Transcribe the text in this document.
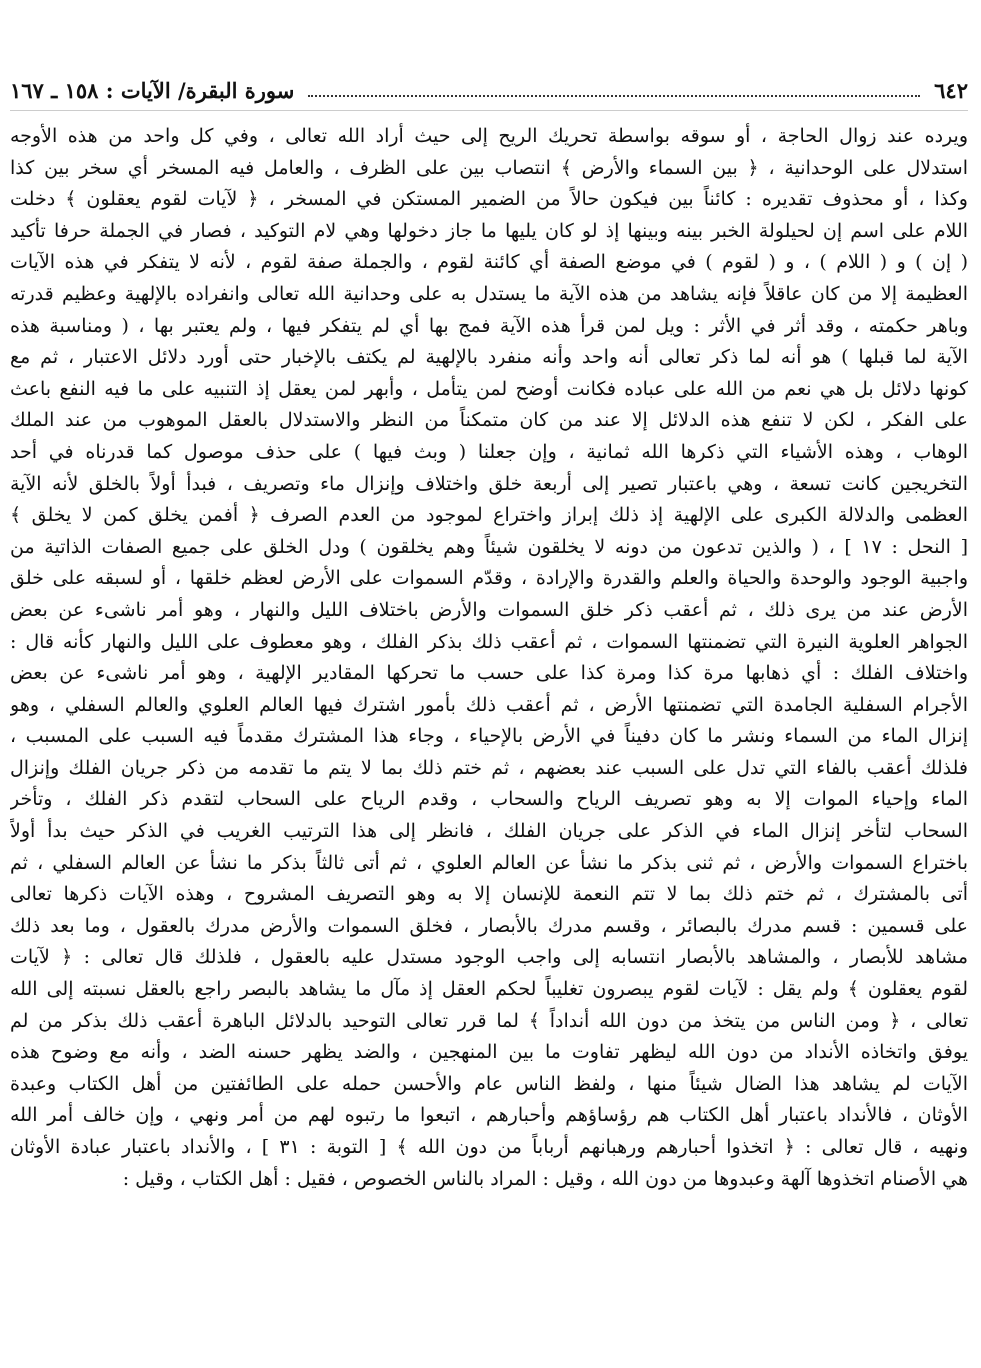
٦٤٢
سورة البقرة/ الآيات : ١٥٨ ـ ١٦٧
ويرده عند زوال الحاجة ، أو سوقه بواسطة تحريك الريح إلى حيث أراد الله تعالى ، وفي كل واحد من هذه الأوجه
استدلال على الوحدانية ، ﴿ بين السماء والأرض ﴾ انتصاب بين على الظرف ، والعامل فيه المسخر أي سخر بين كذا
وكذا ، أو محذوف تقديره : كائناً بين فيكون حالاً من الضمير المستكن في المسخر ، ﴿ لآيات لقوم يعقلون ﴾ دخلت
اللام على اسم إن لحيلولة الخبر بينه وبينها إذ لو كان يليها ما جاز دخولها وهي لام التوكيد ، فصار في الجملة حرفا تأكيد
( إن ) و ( اللام ) ، و ( لقوم ) في موضع الصفة أي كائنة لقوم ، والجملة صفة لقوم ، لأنه لا يتفكر في هذه الآيات
العظيمة إلا من كان عاقلاً فإنه يشاهد من هذه الآية ما يستدل به على وحدانية الله تعالى وانفراده بالإلهية وعظيم قدرته
وباهر حكمته ، وقد أثر في الأثر : ويل لمن قرأ هذه الآية فمج بها أي لم يتفكر فيها ، ولم يعتبر بها ، ( ومناسبة هذه
الآية لما قبلها ) هو أنه لما ذكر تعالى أنه واحد وأنه منفرد بالإلهية لم يكتف بالإخبار حتى أورد دلائل الاعتبار ، ثم مع
كونها دلائل بل هي نعم من الله على عباده فكانت أوضح لمن يتأمل ، وأبهر لمن يعقل إذ التنبيه على ما فيه النفع باعث
على الفكر ، لكن لا تنفع هذه الدلائل إلا عند من كان متمكناً من النظر والاستدلال بالعقل الموهوب من عند الملك
الوهاب ، وهذه الأشياء التي ذكرها الله ثمانية ، وإن جعلنا ( وبث فيها ) على حذف موصول كما قدرناه في أحد
التخريجين كانت تسعة ، وهي باعتبار تصير إلى أربعة خلق واختلاف وإنزال ماء وتصريف ، فبدأ أولاً بالخلق لأنه الآية
العظمى والدلالة الكبرى على الإلهية إذ ذلك إبراز واختراع لموجود من العدم الصرف ﴿ أفمن يخلق كمن لا يخلق ﴾
[ النحل : ١٧ ] ، ( والذين تدعون من دونه لا يخلقون شيئاً وهم يخلقون ) ودل الخلق على جميع الصفات الذاتية من
واجبية الوجود والوحدة والحياة والعلم والقدرة والإرادة ، وقدّم السموات على الأرض لعظم خلقها ، أو لسبقه على خلق
الأرض عند من يرى ذلك ، ثم أعقب ذكر خلق السموات والأرض باختلاف الليل والنهار ، وهو أمر ناشىء عن بعض
الجواهر العلوية النيرة التي تضمنتها السموات ، ثم أعقب ذلك بذكر الفلك ، وهو معطوف على الليل والنهار كأنه قال :
واختلاف الفلك : أي ذهابها مرة كذا ومرة كذا على حسب ما تحركها المقادير الإلهية ، وهو أمر ناشىء عن بعض
الأجرام السفلية الجامدة التي تضمنتها الأرض ، ثم أعقب ذلك بأمور اشترك فيها العالم العلوي والعالم السفلي ، وهو
إنزال الماء من السماء ونشر ما كان دفيناً في الأرض بالإحياء ، وجاء هذا المشترك مقدماً فيه السبب على المسبب ،
فلذلك أعقب بالفاء التي تدل على السبب عند بعضهم ، ثم ختم ذلك بما لا يتم ما تقدمه من ذكر جريان الفلك وإنزال
الماء وإحياء الموات إلا به وهو تصريف الرياح والسحاب ، وقدم الرياح على السحاب لتقدم ذكر الفلك ، وتأخر
السحاب لتأخر إنزال الماء في الذكر على جريان الفلك ، فانظر إلى هذا الترتيب الغريب في الذكر حيث بدأ أولاً
باختراع السموات والأرض ، ثم ثنى بذكر ما نشأ عن العالم العلوي ، ثم أتى ثالثاً بذكر ما نشأ عن العالم السفلي ، ثم
أتى بالمشترك ، ثم ختم ذلك بما لا تتم النعمة للإنسان إلا به وهو التصريف المشروح ، وهذه الآيات ذكرها تعالى
على قسمين : قسم مدرك بالبصائر ، وقسم مدرك بالأبصار ، فخلق السموات والأرض مدرك بالعقول ، وما بعد ذلك
مشاهد للأبصار ، والمشاهد بالأبصار انتسابه إلى واجب الوجود مستدل عليه بالعقول ، فلذلك قال تعالى : ﴿ لآيات
لقوم يعقلون ﴾ ولم يقل : لآيات لقوم يبصرون تغليباً لحكم العقل إذ مآل ما يشاهد بالبصر راجع بالعقل نسبته إلى الله
تعالى ، ﴿ ومن الناس من يتخذ من دون الله أنداداً ﴾ لما قرر تعالى التوحيد بالدلائل الباهرة أعقب ذلك بذكر من لم
يوفق واتخاذه الأنداد من دون الله ليظهر تفاوت ما بين المنهجين ، والضد يظهر حسنه الضد ، وأنه مع وضوح هذه
الآيات لم يشاهد هذا الضال شيئاً منها ، ولفظ الناس عام والأحسن حمله على الطائفتين من أهل الكتاب وعبدة
الأوثان ، فالأنداد باعتبار أهل الكتاب هم رؤساؤهم وأحبارهم ، اتبعوا ما رتبوه لهم من أمر ونهي ، وإن خالف أمر الله
ونهيه ، قال تعالى : ﴿ اتخذوا أحبارهم ورهبانهم أرباباً من دون الله ﴾ [ التوبة : ٣١ ] ، والأنداد باعتبار عبادة الأوثان
هي الأصنام اتخذوها آلهة وعبدوها من دون الله ، وقيل : المراد بالناس الخصوص ، فقيل : أهل الكتاب ، وقيل :
